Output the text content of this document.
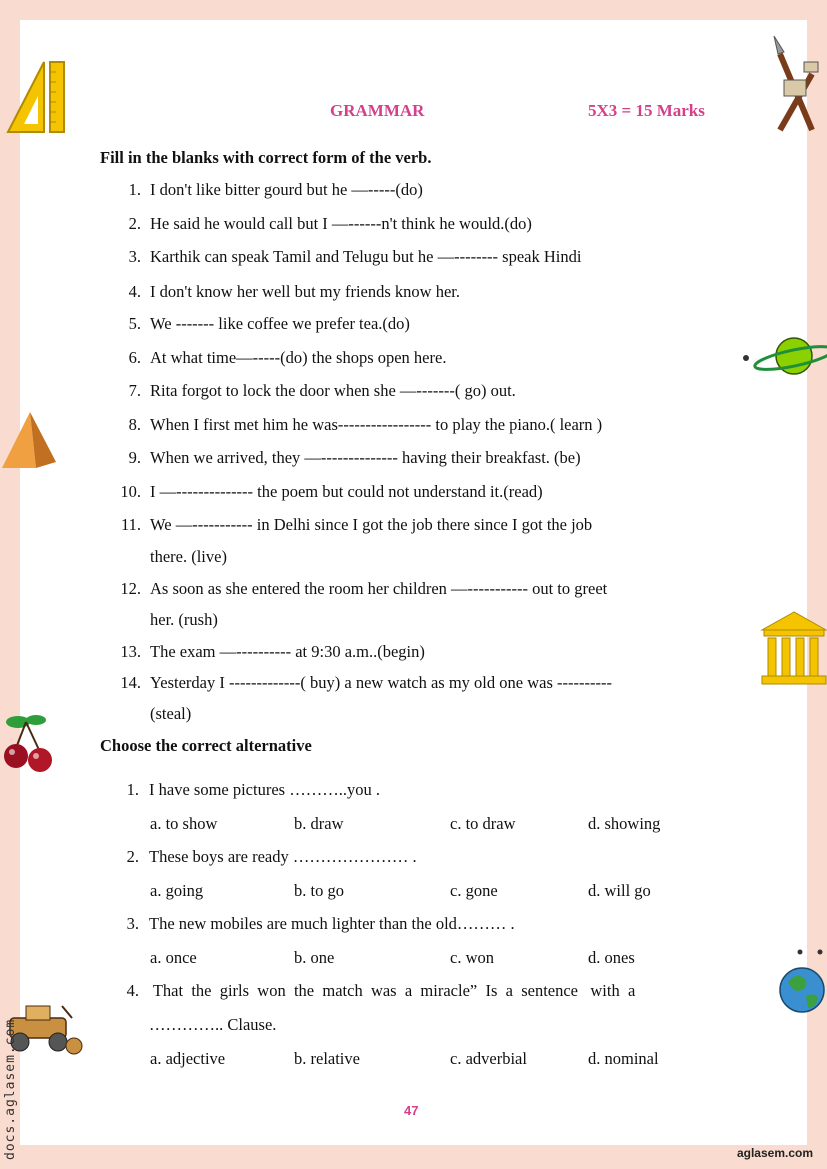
GRAMMAR	5X3 = 15 Marks
Fill in the blanks with correct form of the verb.
Choose the correct alternative
47
docs.aglasem.com	aglasem.com
1. I don't like bitter gourd but he —-----(do)
2. He said he would call but I —------n't think he would.(do)
3. Karthik can speak Tamil and Telugu but he —-------- speak Hindi
4. I don't know her well but my friends know her.
5. We ------- like coffee we prefer tea.(do)
6. At what time—-----(do) the shops open here.
7. Rita forgot to lock the door when she —-------( go) out.
8. When I first met him he was----------------- to play the piano.( learn )
9. When we arrived, they —-------------- having their breakfast. (be)
10. I —-------------- the poem but could not understand it.(read)
11. We —----------- in Delhi since I got the job there since I got the job
there. (live)
12. As soon as she entered the room her children —----------- out to greet
her. (rush)
13. The exam —---------- at 9:30 a.m..(begin)
14. Yesterday I -------------( buy) a new watch as my old one was ----------
(steal)
1. I have some pictures ………..you .
a. to show	b. draw	c. to draw	d. showing
2. These boys are ready ………………… .
a. going	b. to go	c. gone	d. will go
3. The new mobiles are much lighter than the old……… .
a. once	b. one	c. won	d. ones
4. That  the  girls  won  the  match  was  a  miracle”  Is  a  sentence   with  a
………….. Clause.
a. adjective	b. relative	c. adverbial	d. nominal
